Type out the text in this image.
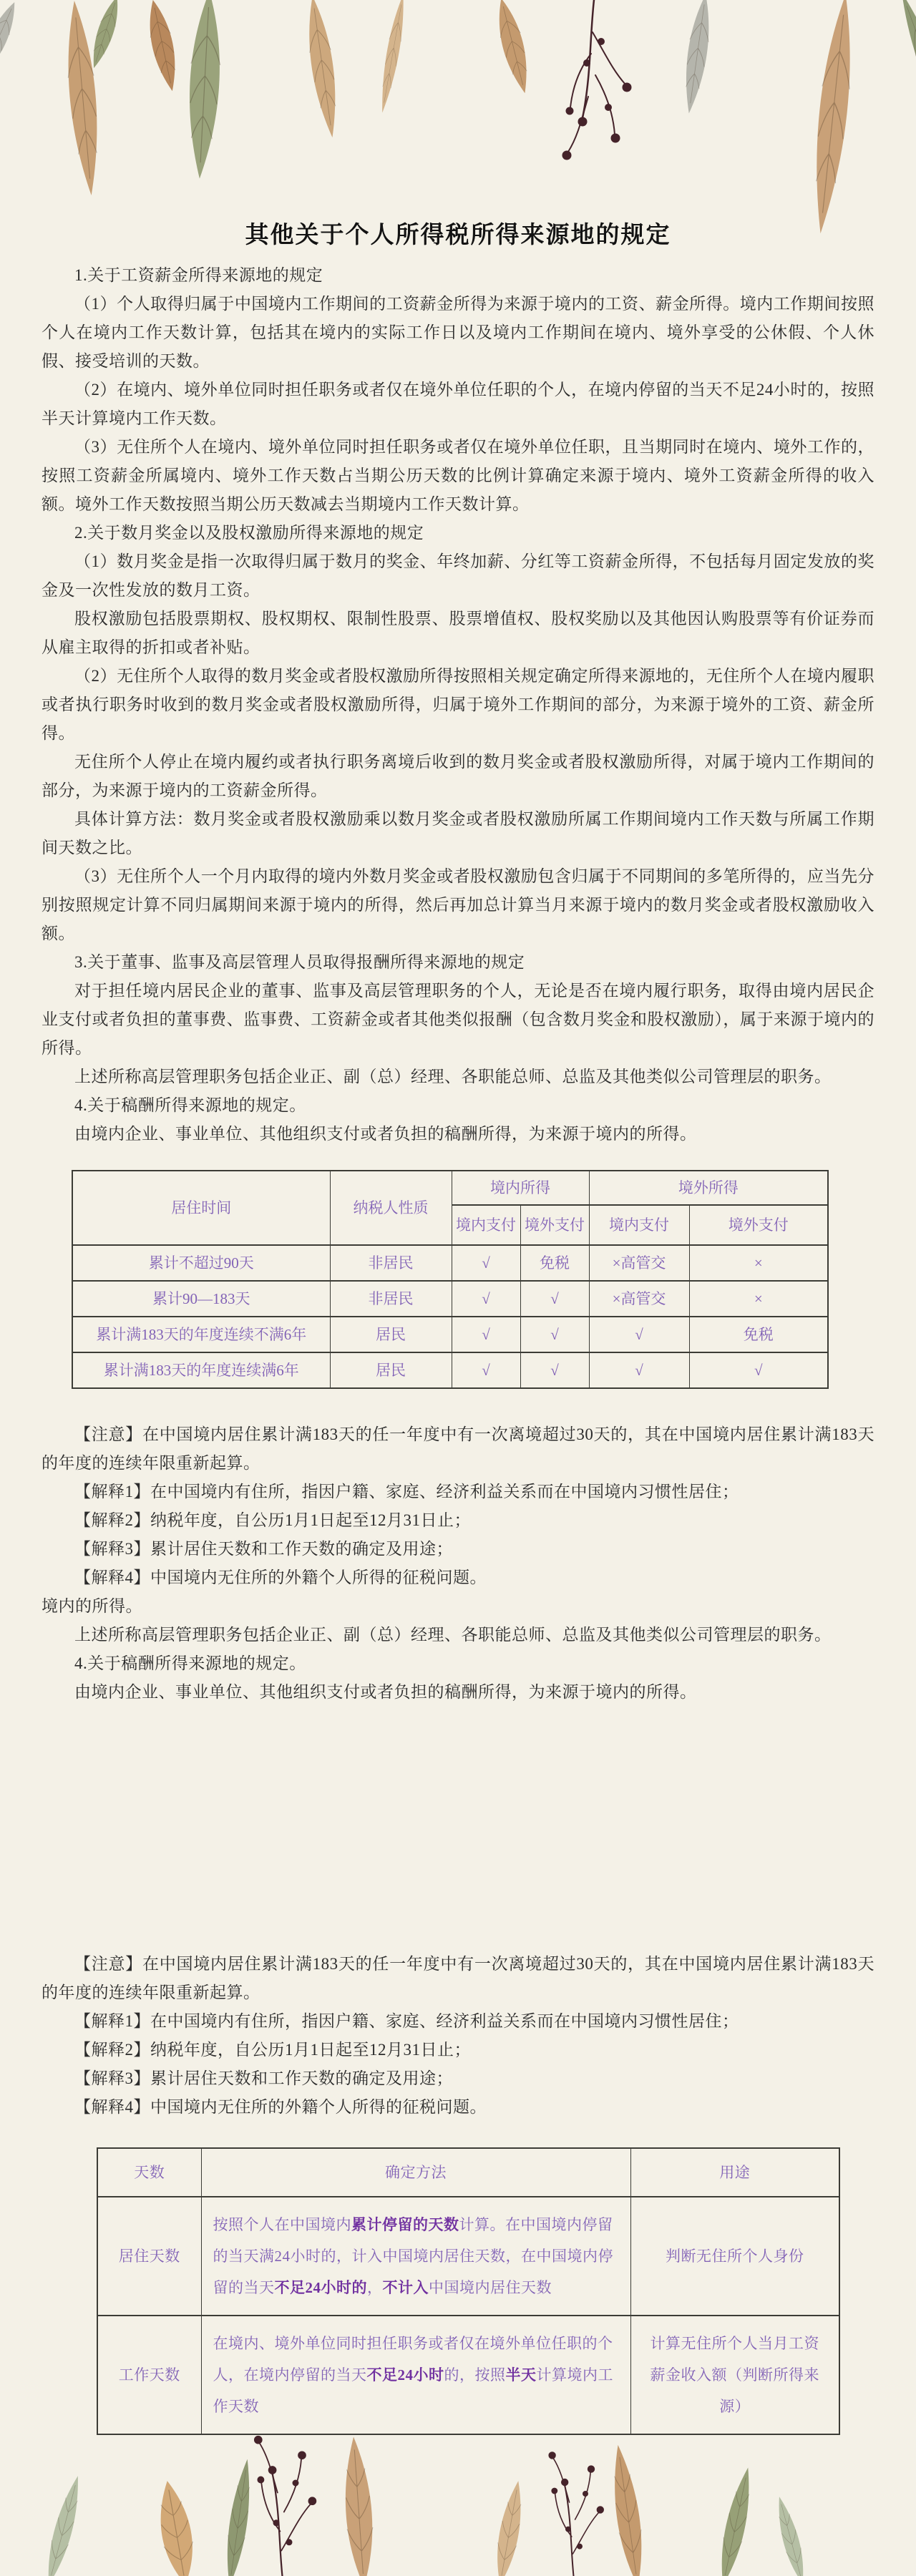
其他关于个人所得税所得来源地的规定

1.关于工资薪金所得来源地的规定

（1）个人取得归属于中国境内工作期间的工资薪金所得为来源于境内的工资、薪金所得。境内工作期间按照个人在境内工作天数计算，包括其在境内的实际工作日以及境内工作期间在境内、境外享受的公休假、个人休假、接受培训的天数。

（2）在境内、境外单位同时担任职务或者仅在境外单位任职的个人，在境内停留的当天不足24小时的，按照半天计算境内工作天数。

（3）无住所个人在境内、境外单位同时担任职务或者仅在境外单位任职，且当期同时在境内、境外工作的，按照工资薪金所属境内、境外工作天数占当期公历天数的比例计算确定来源于境内、境外工资薪金所得的收入额。境外工作天数按照当期公历天数减去当期境内工作天数计算。

2.关于数月奖金以及股权激励所得来源地的规定

（1）数月奖金是指一次取得归属于数月的奖金、年终加薪、分红等工资薪金所得，不包括每月固定发放的奖金及一次性发放的数月工资。

股权激励包括股票期权、股权期权、限制性股票、股票增值权、股权奖励以及其他因认购股票等有价证券而从雇主取得的折扣或者补贴。

（2）无住所个人取得的数月奖金或者股权激励所得按照相关规定确定所得来源地的，无住所个人在境内履职或者执行职务时收到的数月奖金或者股权激励所得，归属于境外工作期间的部分，为来源于境外的工资、薪金所得。

无住所个人停止在境内履约或者执行职务离境后收到的数月奖金或者股权激励所得，对属于境内工作期间的部分，为来源于境内的工资薪金所得。

具体计算方法：数月奖金或者股权激励乘以数月奖金或者股权激励所属工作期间境内工作天数与所属工作期间天数之比。

（3）无住所个人一个月内取得的境内外数月奖金或者股权激励包含归属于不同期间的多笔所得的，应当先分别按照规定计算不同归属期间来源于境内的所得，然后再加总计算当月来源于境内的数月奖金或者股权激励收入额。

3.关于董事、监事及高层管理人员取得报酬所得来源地的规定

对于担任境内居民企业的董事、监事及高层管理职务的个人，无论是否在境内履行职务，取得由境内居民企业支付或者负担的董事费、监事费、工资薪金或者其他类似报酬（包含数月奖金和股权激励），属于来源于境内的所得。

上述所称高层管理职务包括企业正、副（总）经理、各职能总师、总监及其他类似公司管理层的职务。

4.关于稿酬所得来源地的规定。

由境内企业、事业单位、其他组织支付或者负担的稿酬所得，为来源于境内的所得。

居住时间	纳税人性质	境内所得		境外所得	
		境内支付	境外支付	境内支付	境外支付
累计不超过90天	非居民	√	免税	×高管交	×
累计90—183天	非居民	√	√	×高管交	×
累计满183天的年度连续不满6年	居民	√	√	√	免税
累计满183天的年度连续满6年	居民	√	√	√	√

【注意】在中国境内居住累计满183天的任一年度中有一次离境超过30天的，其在中国境内居住累计满183天的年度的连续年限重新起算。

【解释1】在中国境内有住所，指因户籍、家庭、经济利益关系而在中国境内习惯性居住；

【解释2】纳税年度，自公历1月1日起至12月31日止；

【解释3】累计居住天数和工作天数的确定及用途；

【解释4】中国境内无住所的外籍个人所得的征税问题。

境内的所得。

上述所称高层管理职务包括企业正、副（总）经理、各职能总师、总监及其他类似公司管理层的职务。

4.关于稿酬所得来源地的规定。

由境内企业、事业单位、其他组织支付或者负担的稿酬所得，为来源于境内的所得。

【注意】在中国境内居住累计满183天的任一年度中有一次离境超过30天的，其在中国境内居住累计满183天的年度的连续年限重新起算。

【解释1】在中国境内有住所，指因户籍、家庭、经济利益关系而在中国境内习惯性居住；

【解释2】纳税年度，自公历1月1日起至12月31日止；

【解释3】累计居住天数和工作天数的确定及用途；

【解释4】中国境内无住所的外籍个人所得的征税问题。

天数	确定方法	用途
居住天数	按照个人在中国境内累计停留的天数计算。在中国境内停留的当天满24小时的，计入中国境内居住天数，在中国境内停留的当天不足24小时的，不计入中国境内居住天数	判断无住所个人身份
工作天数	在境内、境外单位同时担任职务或者仅在境外单位任职的个人，在境内停留的当天不足24小时的，按照半天计算境内工作天数	计算无住所个人当月工资薪金收入额（判断所得来源）
